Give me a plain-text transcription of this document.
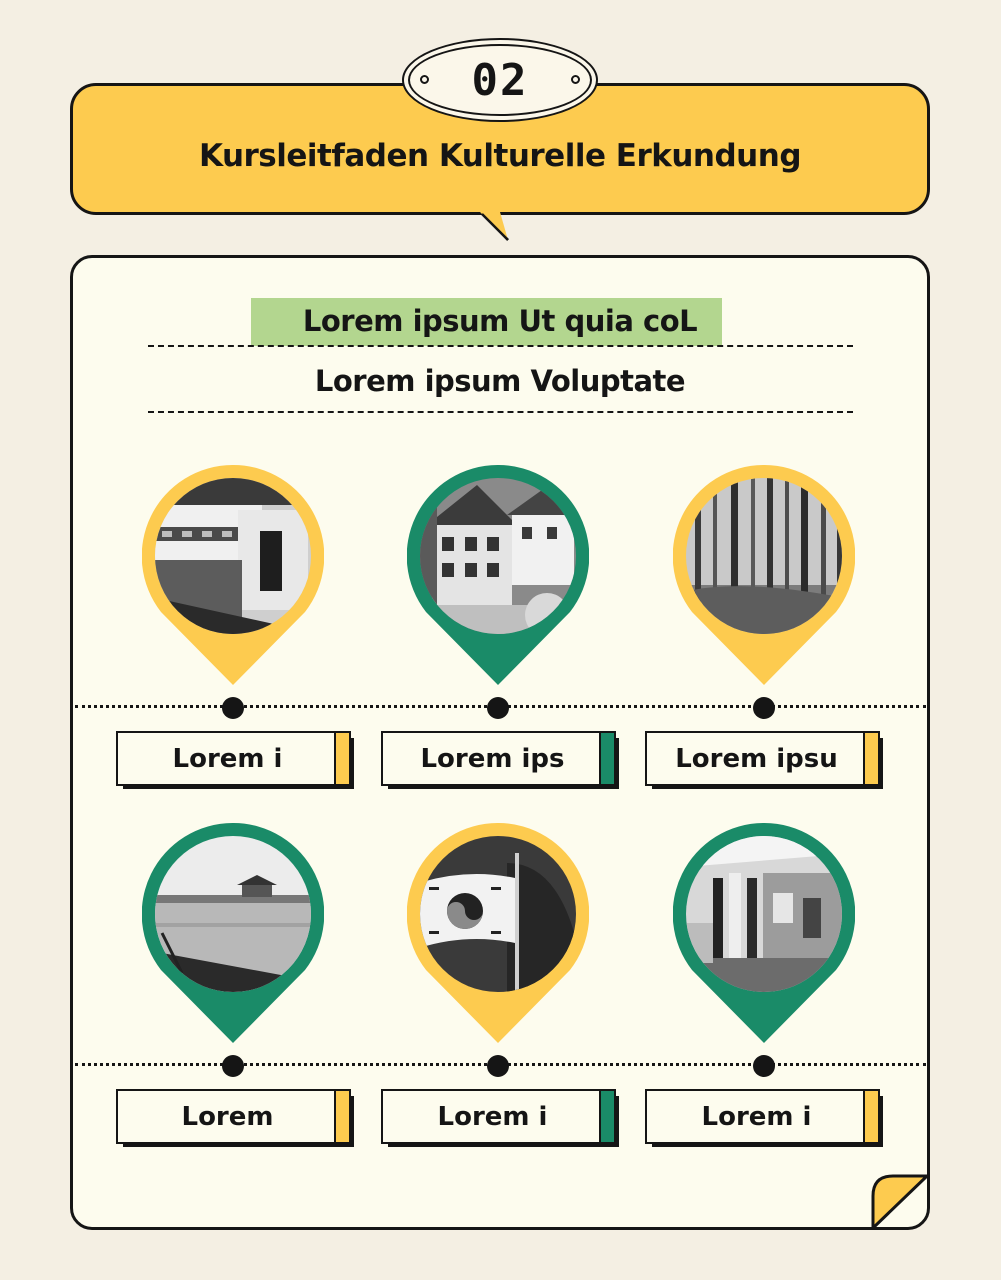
Kursleitfaden Kulturelle Erkundung
02
Lorem ipsum Ut quia coL
Lorem ipsum Voluptate
Lorem i	Lorem ips	Lorem ipsu
Lorem	Lorem i	Lorem i
